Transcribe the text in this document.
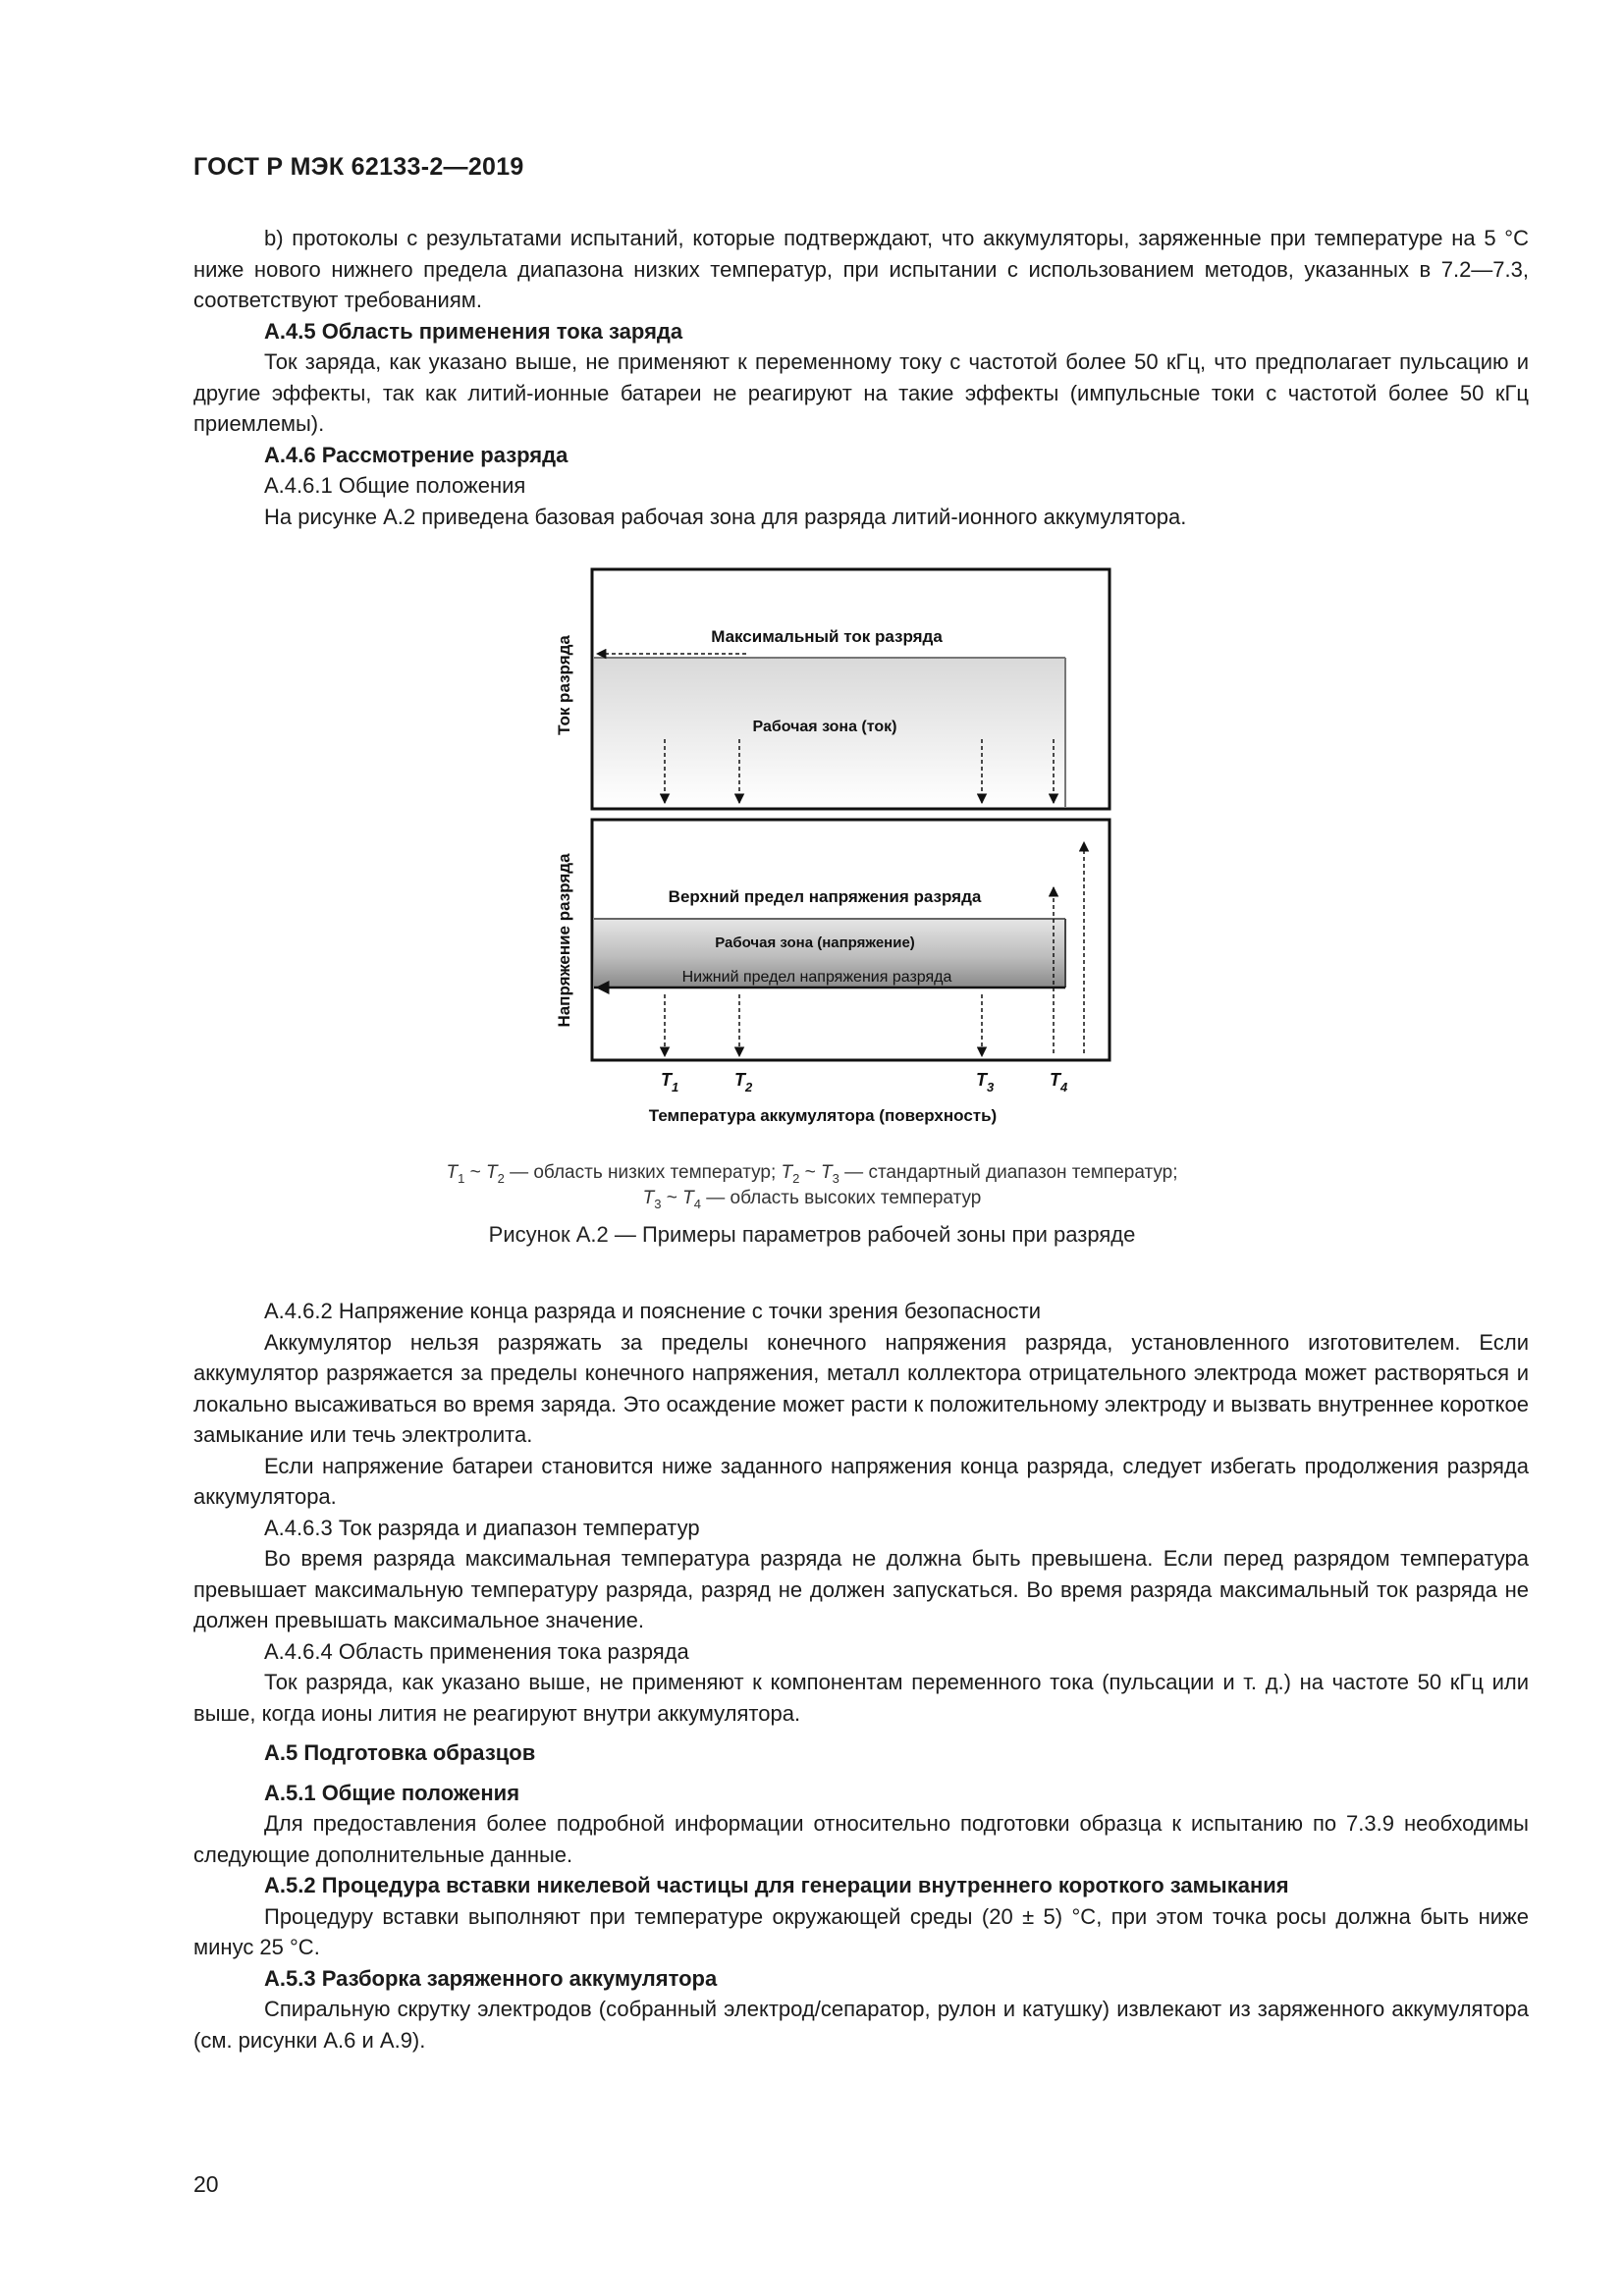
ГОСТ Р МЭК 62133-2—2019

b) протоколы с результатами испытаний, которые подтверждают, что аккумуляторы, заряженные при температуре на 5 °C ниже нового нижнего предела диапазона низких температур, при испытании с использованием методов, указанных в 7.2—7.3, соответствуют требованиям.

A.4.5 Область применения тока заряда

Ток заряда, как указано выше, не применяют к переменному току с частотой более 50 кГц, что предполагает пульсацию и другие эффекты, так как литий-ионные батареи не реагируют на такие эффекты (импульсные токи с частотой более 50 кГц приемлемы).

A.4.6 Рассмотрение разряда

A.4.6.1 Общие положения

На рисунке А.2 приведена базовая рабочая зона для разряда литий-ионного аккумулятора.

Максимальный ток разряда
Рабочая зона (ток)
Ток разряда
Верхний предел напряжения разряда
Рабочая зона (напряжение)
Нижний предел напряжения разряда
Напряжение разряда
$T_1$	$T_2$	$T_3$	$T_4$
Температура аккумулятора (поверхность)
$T_1$ ~ $T_2$ — область низких температур; $T_2$ ~ $T_3$ — стандартный диапазон температур;
$T_3$ ~ $T_4$ — область высоких температур
Рисунок А.2 — Примеры параметров рабочей зоны при разряде

A.4.6.2 Напряжение конца разряда и пояснение с точки зрения безопасности

Аккумулятор нельзя разряжать за пределы конечного напряжения разряда, установленного изготовителем. Если аккумулятор разряжается за пределы конечного напряжения, металл коллектора отрицательного электрода может растворяться и локально высаживаться во время заряда. Это осаждение может расти к положительному электроду и вызвать внутреннее короткое замыкание или течь электролита.

Если напряжение батареи становится ниже заданного напряжения конца разряда, следует избегать продолжения разряда аккумулятора.

A.4.6.3 Ток разряда и диапазон температур

Во время разряда максимальная температура разряда не должна быть превышена. Если перед разрядом температура превышает максимальную температуру разряда, разряд не должен запускаться. Во время разряда максимальный ток разряда не должен превышать максимальное значение.

A.4.6.4 Область применения тока разряда

Ток разряда, как указано выше, не применяют к компонентам переменного тока (пульсации и т. д.) на частоте 50 кГц или выше, когда ионы лития не реагируют внутри аккумулятора.

A.5 Подготовка образцов

A.5.1 Общие положения

Для предоставления более подробной информации относительно подготовки образца к испытанию по 7.3.9 необходимы следующие дополнительные данные.

A.5.2 Процедура вставки никелевой частицы для генерации внутреннего короткого замыкания

Процедуру вставки выполняют при температуре окружающей среды (20 ± 5) °C, при этом точка росы должна быть ниже минус 25 °C.

A.5.3 Разборка заряженного аккумулятора

Спиральную скрутку электродов (собранный электрод/сепаратор, рулон и катушку) извлекают из заряженного аккумулятора (см. рисунки А.6 и А.9).

20
